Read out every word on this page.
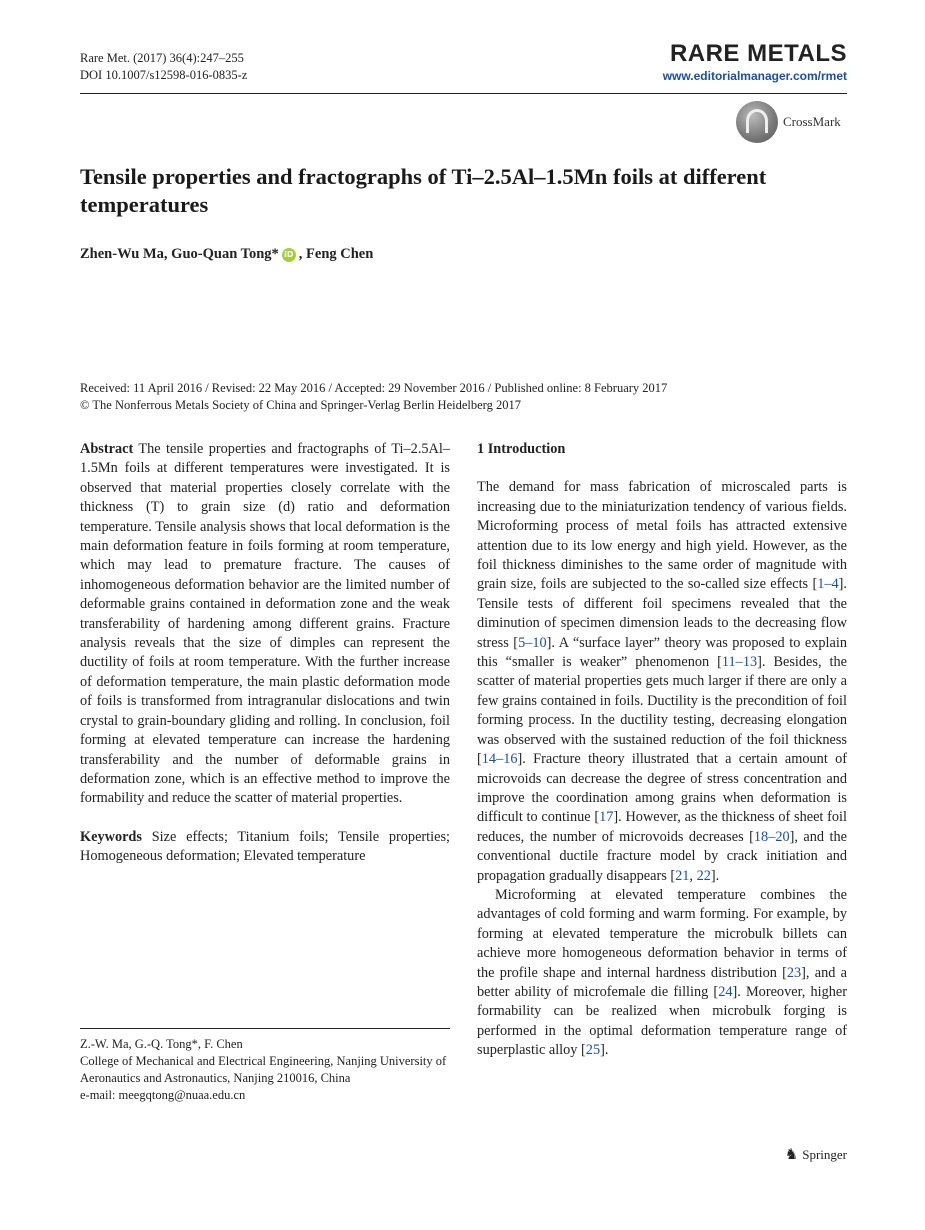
Rare Met. (2017) 36(4):247–255
DOI 10.1007/s12598-016-0835-z
RARE METALS
www.editorialmanager.com/rmet
CrossMark
Tensile properties and fractographs of Ti–2.5Al–1.5Mn foils at different temperatures
Zhen-Wu Ma, Guo-Quan Tong* iD , Feng Chen
Received: 11 April 2016 / Revised: 22 May 2016 / Accepted: 29 November 2016 / Published online: 8 February 2017
© The Nonferrous Metals Society of China and Springer-Verlag Berlin Heidelberg 2017

Abstract The tensile properties and fractographs of Ti–2.5Al–1.5Mn foils at different temperatures were investigated. It is observed that material properties closely correlate with the thickness (T) to grain size (d) ratio and deformation temperature. Tensile analysis shows that local deformation is the main deformation feature in foils forming at room temperature, which may lead to premature fracture. The causes of inhomogeneous deformation behavior are the limited number of deformable grains contained in deformation zone and the weak transferability of hardening among different grains. Fracture analysis reveals that the size of dimples can represent the ductility of foils at room temperature. With the further increase of deformation temperature, the main plastic deformation mode of foils is transformed from intragranular dislocations and twin crystal to grain-boundary gliding and rolling. In conclusion, foil forming at elevated temperature can increase the hardening transferability and the number of deformable grains in deformation zone, which is an effective method to improve the formability and reduce the scatter of material properties.

Keywords Size effects; Titanium foils; Tensile properties; Homogeneous deformation; Elevated temperature

1 Introduction

The demand for mass fabrication of microscaled parts is increasing due to the miniaturization tendency of various fields. Microforming process of metal foils has attracted extensive attention due to its low energy and high yield. However, as the foil thickness diminishes to the same order of magnitude with grain size, foils are subjected to the so-called size effects [1–4]. Tensile tests of different foil specimens revealed that the diminution of specimen dimension leads to the decreasing flow stress [5–10]. A “surface layer” theory was proposed to explain this “smaller is weaker” phenomenon [11–13]. Besides, the scatter of material properties gets much larger if there are only a few grains contained in foils. Ductility is the precondition of foil forming process. In the ductility testing, decreasing elongation was observed with the sustained reduction of the foil thickness [14–16]. Fracture theory illustrated that a certain amount of microvoids can decrease the degree of stress concentration and improve the coordination among grains when deformation is difficult to continue [17]. However, as the thickness of sheet foil reduces, the number of microvoids decreases [18–20], and the conventional ductile fracture model by crack initiation and propagation gradually disappears [21, 22].

Microforming at elevated temperature combines the advantages of cold forming and warm forming. For example, by forming at elevated temperature the microbulk billets can achieve more homogeneous deformation behavior in terms of the profile shape and internal hardness distribution [23], and a better ability of microfemale die filling [24]. Moreover, higher formability can be realized when microbulk forging is performed in the optimal deformation temperature range of superplastic alloy [25].

Z.-W. Ma, G.-Q. Tong*, F. Chen

College of Mechanical and Electrical Engineering, Nanjing University of Aeronautics and Astronautics, Nanjing 210016, China

e-mail: meegqtong@nuaa.edu.cn

♞ Springer
